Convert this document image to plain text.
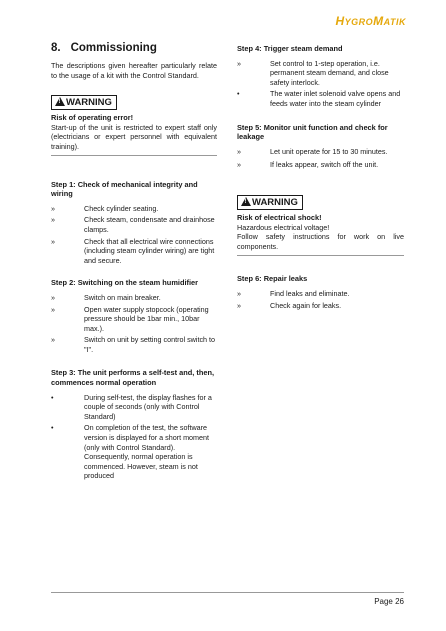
HYGROMATIK
8. Commissioning

The descriptions given hereafter particularly relate to the usage of a kit with the Control Standard.

!WARNING

Risk of operating error!

Start-up of the unit is restricted to expert staff only (electricians or expert personnel with equivalent training).

Step 1: Check of mechanical integrity and wiring

»	Check cylinder seating.
»	Check steam, condensate and drainhose clamps.
»	Check that all electrical wire connections (including steam cylinder wiring) are tight and secure.

Step 2: Switching on the steam humidifier

»	Switch on main breaker.
»	Open water supply stopcock (operating pressure should be 1bar min., 10bar max.).
»	Switch on unit by setting control switch to "I".

Step 3: The unit performs a self-test and, then, commences normal operation

•	During self-test, the display flashes for a couple of seconds (only with Control Standard)
•	On completion of the test, the software version is displayed for a short moment (only with Control Standard). Consequently, normal operation is commenced. However, steam is not produced

Step 4: Trigger steam demand

»	Set control to 1-step operation, i.e. permanent steam demand, and close safety interlock.
•	The water inlet solenoid valve opens and feeds water into the steam cylinder

Step 5: Monitor unit function and check for leakage

»	Let unit operate for 15 to 30 minutes.
»	If leaks appear, switch off the unit.
!WARNING

Risk of electrical shock!

Hazardous electrical voltage!

Follow safety instructions for work on live components.

Step 6: Repair leaks

»	Find leaks and eliminate.
»	Check again for leaks.
Page 26
